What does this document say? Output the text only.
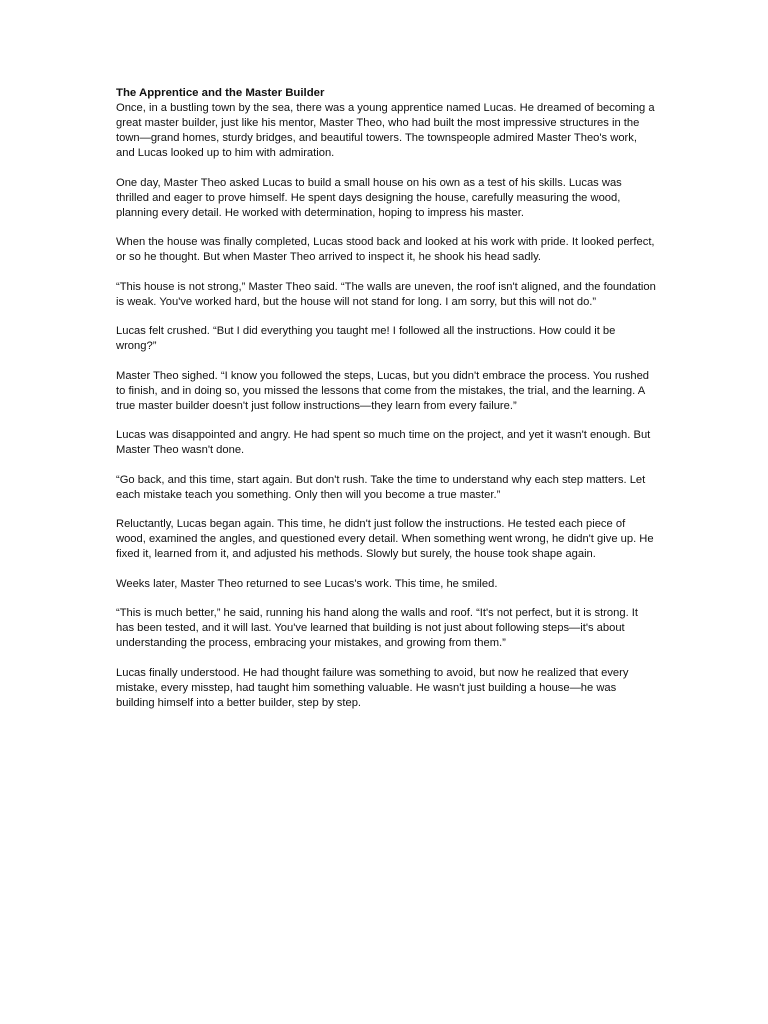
The Apprentice and the Master Builder

Once, in a bustling town by the sea, there was a young apprentice named Lucas. He dreamed of becoming a great master builder, just like his mentor, Master Theo, who had built the most impressive structures in the town—grand homes, sturdy bridges, and beautiful towers. The townspeople admired Master Theo's work, and Lucas looked up to him with admiration.

One day, Master Theo asked Lucas to build a small house on his own as a test of his skills. Lucas was thrilled and eager to prove himself. He spent days designing the house, carefully measuring the wood, planning every detail. He worked with determination, hoping to impress his master.

When the house was finally completed, Lucas stood back and looked at his work with pride. It looked perfect, or so he thought. But when Master Theo arrived to inspect it, he shook his head sadly.

“This house is not strong,” Master Theo said. “The walls are uneven, the roof isn't aligned, and the foundation is weak. You've worked hard, but the house will not stand for long. I am sorry, but this will not do.”

Lucas felt crushed. “But I did everything you taught me! I followed all the instructions. How could it be wrong?”

Master Theo sighed. “I know you followed the steps, Lucas, but you didn't embrace the process. You rushed to finish, and in doing so, you missed the lessons that come from the mistakes, the trial, and the learning. A true master builder doesn't just follow instructions—they learn from every failure.”

Lucas was disappointed and angry. He had spent so much time on the project, and yet it wasn't enough. But Master Theo wasn't done.

“Go back, and this time, start again. But don't rush. Take the time to understand why each step matters. Let each mistake teach you something. Only then will you become a true master.”

Reluctantly, Lucas began again. This time, he didn't just follow the instructions. He tested each piece of wood, examined the angles, and questioned every detail. When something went wrong, he didn't give up. He fixed it, learned from it, and adjusted his methods. Slowly but surely, the house took shape again.

Weeks later, Master Theo returned to see Lucas's work. This time, he smiled.

“This is much better,” he said, running his hand along the walls and roof. “It's not perfect, but it is strong. It has been tested, and it will last. You've learned that building is not just about following steps—it's about understanding the process, embracing your mistakes, and growing from them.”

Lucas finally understood. He had thought failure was something to avoid, but now he realized that every mistake, every misstep, had taught him something valuable. He wasn't just building a house—he was building himself into a better builder, step by step.
